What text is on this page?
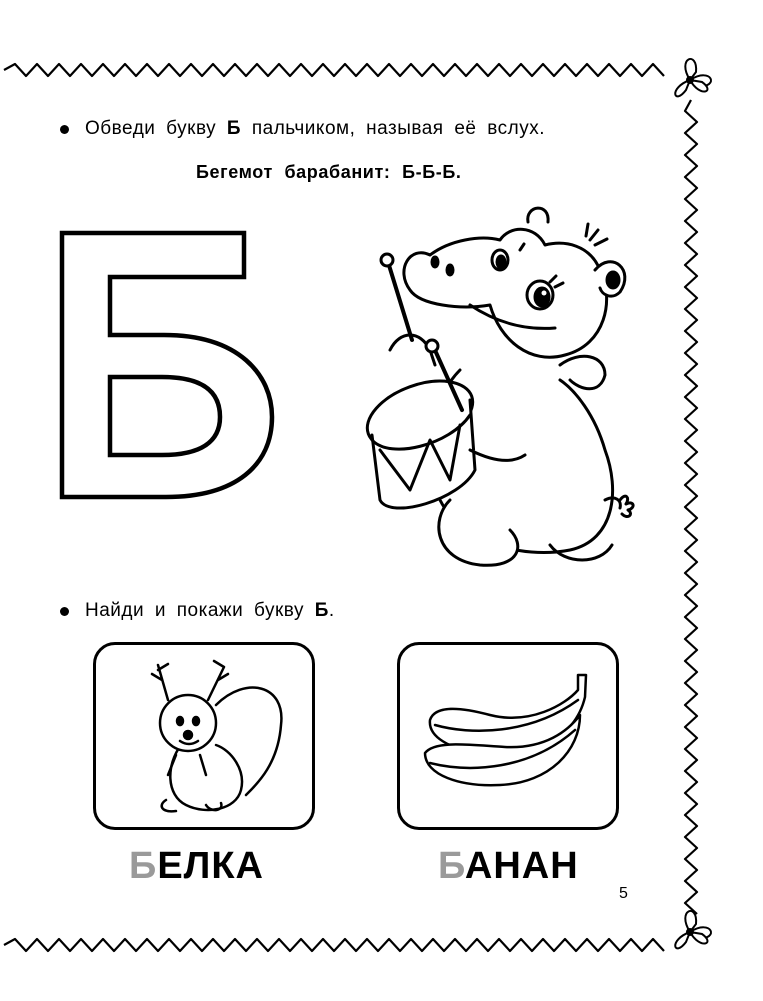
Обведи букву Б пальчиком, называя её вслух.
Бегемот барабанит: Б-Б-Б.
Найди и покажи букву Б .
БЕЛКА	БАНАН
5
